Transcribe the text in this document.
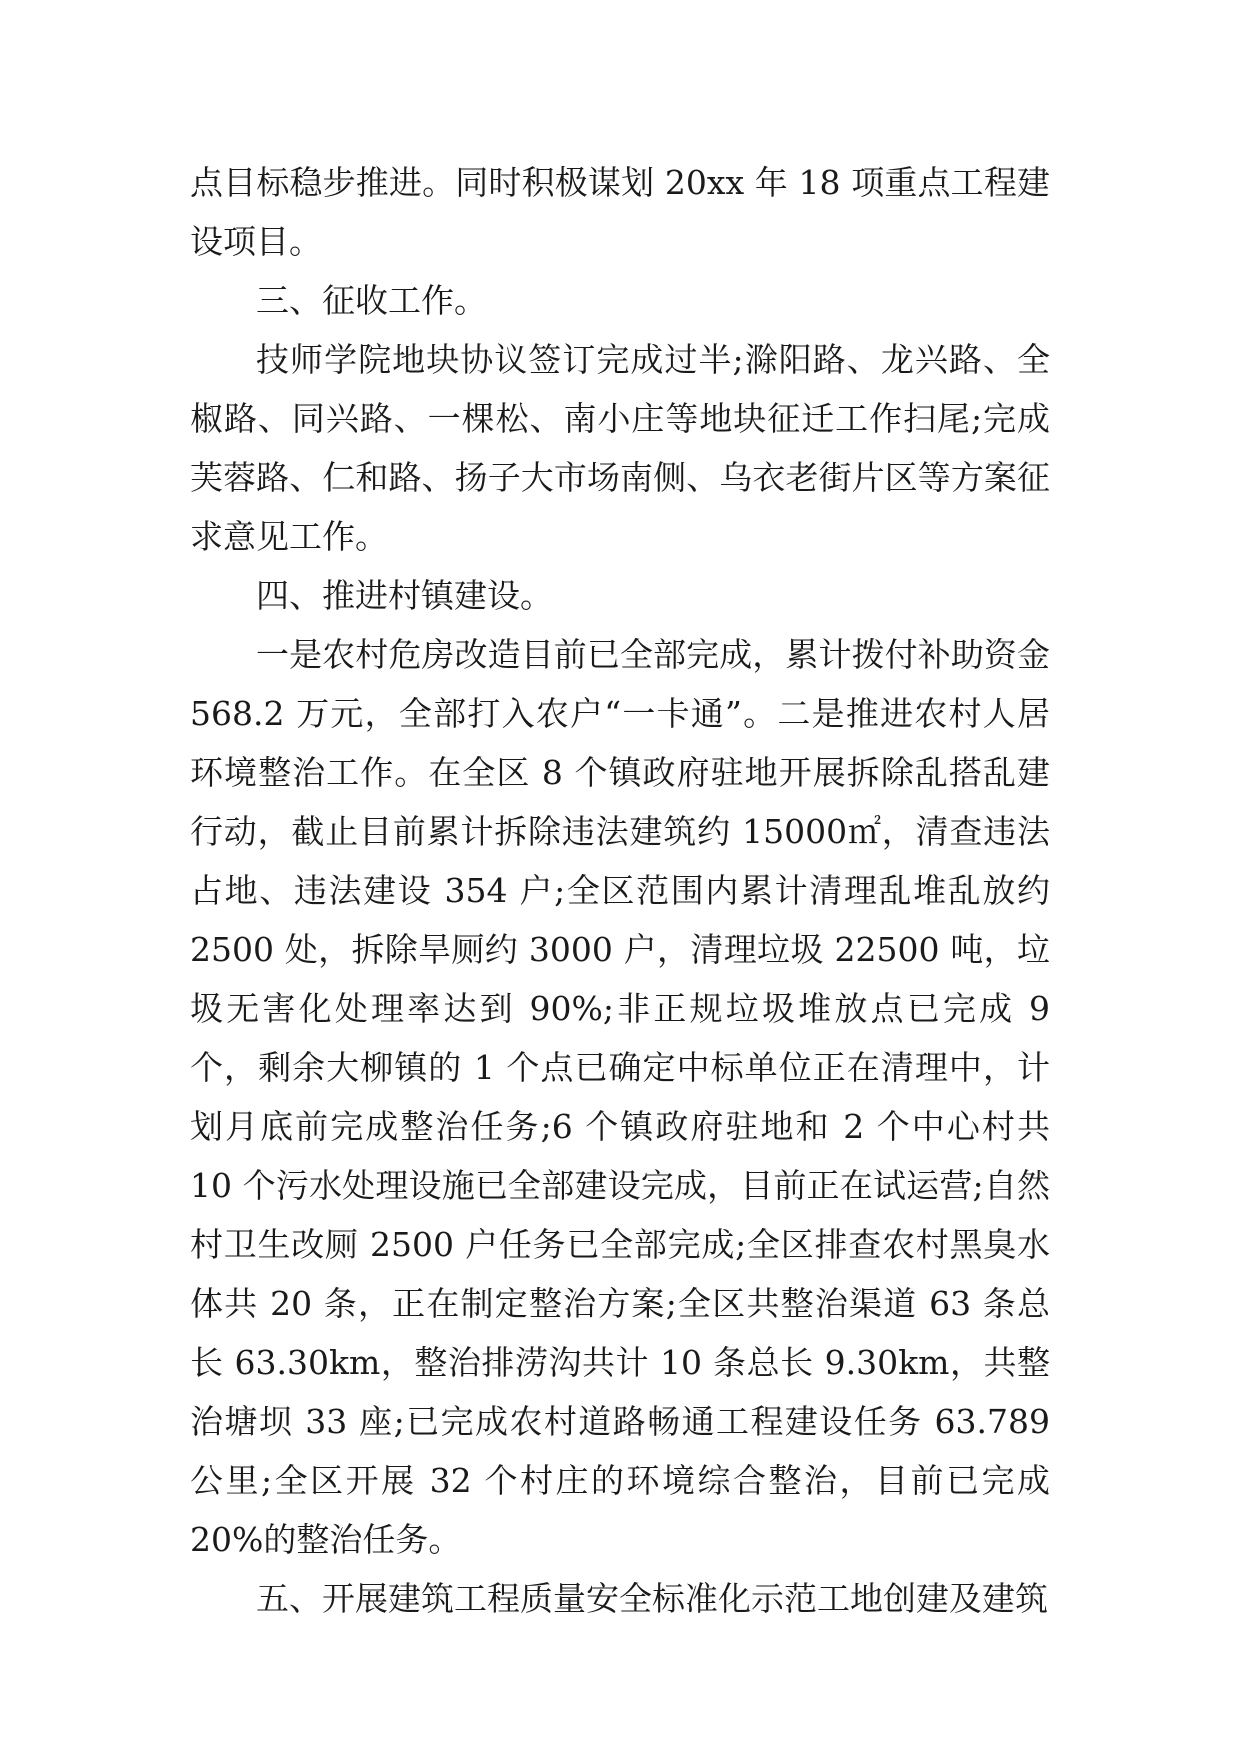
点目标稳步推进。同时积极谋划 20xx 年 18 项重点工程建设项目。

三、征收工作。

技师学院地块协议签订完成过半;滁阳路、龙兴路、全椒路、同兴路、一棵松、南小庄等地块征迁工作扫尾;完成芙蓉路、仁和路、扬子大市场南侧、乌衣老街片区等方案征求意见工作。

四、推进村镇建设。

一是农村危房改造目前已全部完成，累计拨付补助资金 568.2 万元，全部打入农户“一卡通”。二是推进农村人居环境整治工作。在全区 8 个镇政府驻地开展拆除乱搭乱建行动，截止目前累计拆除违法建筑约 15000㎡，清查违法占地、违法建设 354 户;全区范围内累计清理乱堆乱放约 2500 处，拆除旱厕约 3000 户，清理垃圾 22500 吨，垃圾无害化处理率达到 90%;非正规垃圾堆放点已完成 9 个，剩余大柳镇的 1 个点已确定中标单位正在清理中，计划月底前完成整治任务;6 个镇政府驻地和 2 个中心村共 10 个污水处理设施已全部建设完成，目前正在试运营;自然村卫生改厕 2500 户任务已全部完成;全区排查农村黑臭水体共 20 条，正在制定整治方案;全区共整治渠道 63 条总长 63.30km，整治排涝沟共计 10 条总长 9.30km，共整治塘坝 33 座;已完成农村道路畅通工程建设任务 63.789 公里;全区开展 32 个村庄的环境综合整治，目前已完成 20%的整治任务。

五、开展建筑工程质量安全标准化示范工地创建及建筑
